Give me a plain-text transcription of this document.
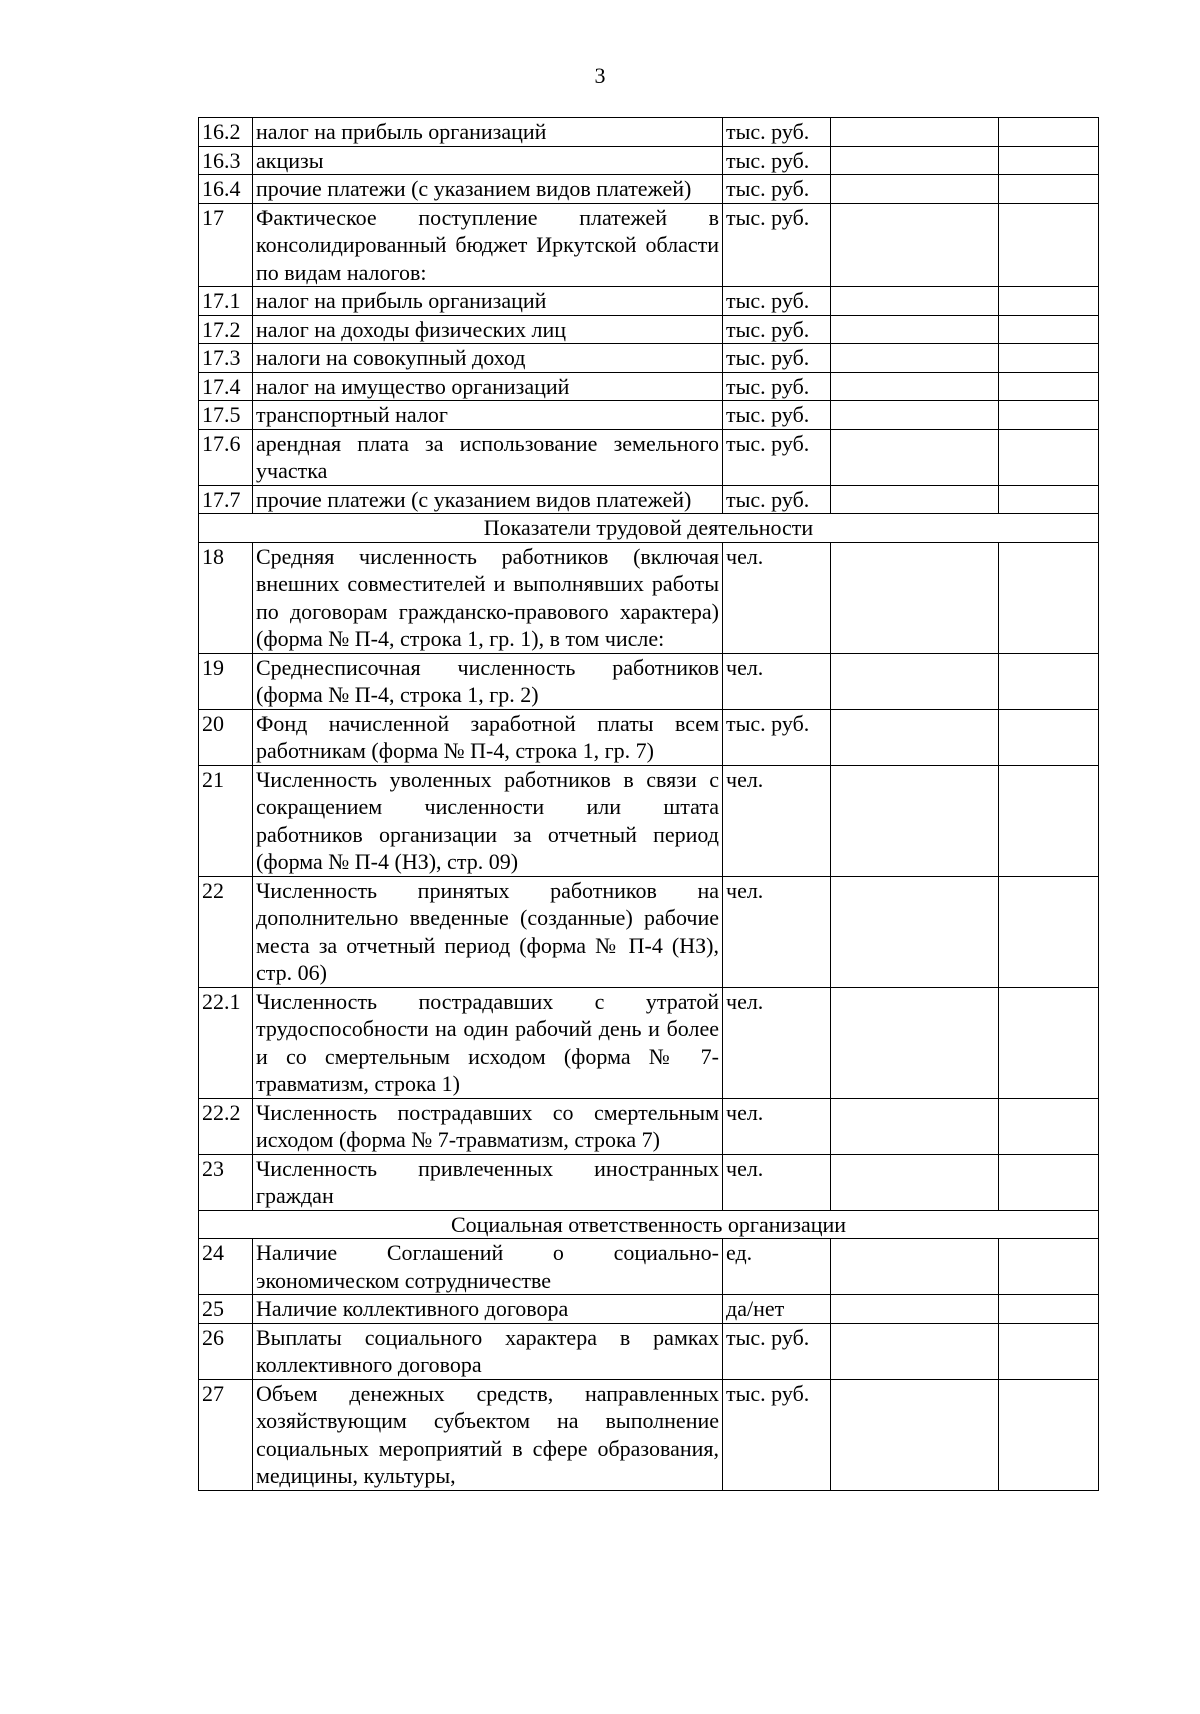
3
16.2	налог на прибыль организаций	тыс. руб.		
16.3	акцизы	тыс. руб.		
16.4	прочие платежи (с указанием видов платежей)	тыс. руб.		
17	Фактическое поступление платежей в консолидированный бюджет Иркутской области по видам налогов:	тыс. руб.		
17.1	налог на прибыль организаций	тыс. руб.		
17.2	налог на доходы физических лиц	тыс. руб.		
17.3	налоги на совокупный доход	тыс. руб.		
17.4	налог на имущество организаций	тыс. руб.		
17.5	транспортный налог	тыс. руб.		
17.6	арендная плата за использование земельного участка	тыс. руб.		
17.7	прочие платежи (с указанием видов платежей)	тыс. руб.		
Показатели трудовой деятельности				
18	Средняя численность работников (включая внешних совместителей и выполнявших работы по договорам гражданско-правового характера) (форма № П-4, строка 1, гр. 1), в том числе:	чел.		
19	Среднесписочная численность работников (форма № П-4, строка 1, гр. 2)	чел.		
20	Фонд начисленной заработной платы всем работникам (форма № П-4, строка 1, гр. 7)	тыс. руб.		
21	Численность уволенных работников в связи с сокращением численности или штата работников организации за отчетный период (форма № П-4 (НЗ), стр. 09)	чел.		
22	Численность принятых работников на дополнительно введенные (созданные) рабочие места за отчетный период (форма № П-4 (НЗ), стр. 06)	чел.		
22.1	Численность пострадавших с утратой трудоспособности на один рабочий день и более и со смертельным исходом (форма № 7-травматизм, строка 1)	чел.		
22.2	Численность пострадавших со смертельным исходом (форма № 7-травматизм, строка 7)	чел.		
23	Численность привлеченных иностранных граждан	чел.		
Социальная ответственность организации				
24	Наличие Соглашений о социально-экономическом сотрудничестве	ед.		
25	Наличие коллективного договора	да/нет		
26	Выплаты социального характера в рамках коллективного договора	тыс. руб.		
27	Объем денежных средств, направленных хозяйствующим субъектом на выполнение социальных мероприятий в сфере образования, медицины, культуры,	тыс. руб.		
